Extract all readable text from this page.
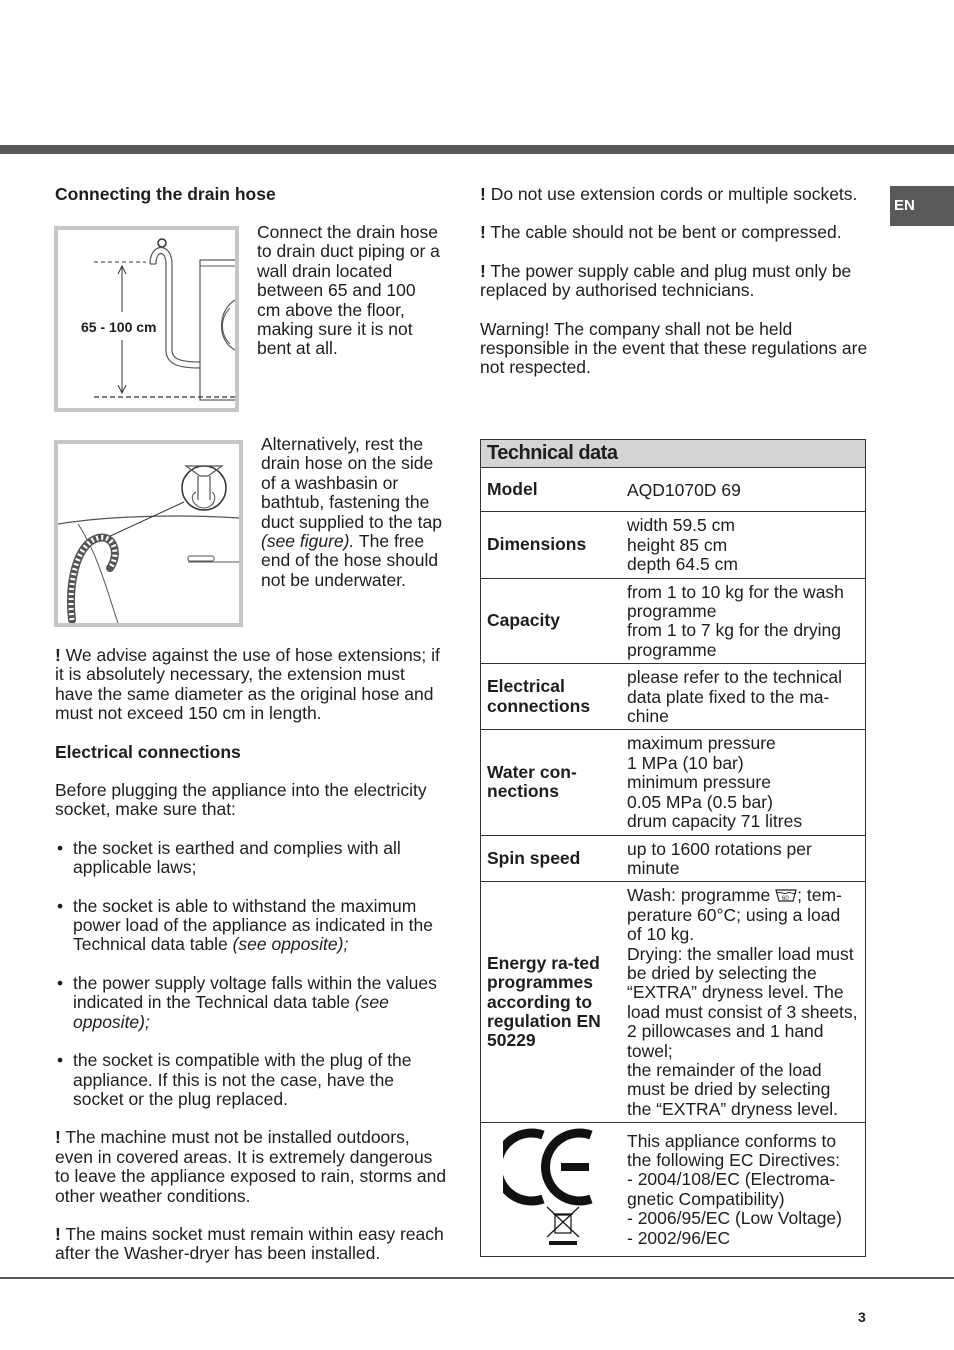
EN
Connecting the drain hose
65 - 100 cm
Connect the drain hose to drain duct piping or a wall drain located between 65 and 100 cm above the floor, making sure it is not bent at all.
Alternatively, rest the drain hose on the side of a washbasin or bathtub, fastening the duct supplied to the tap (see figure). The free end of the hose should not be underwater.

! We advise against the use of hose extensions; if it is absolutely necessary, the extension must have the same diameter as the original hose and must not exceed 150 cm in length.

Electrical connections

Before plugging the appliance into the electricity socket, make sure that:

• the socket is earthed and complies with all applicable laws;
• the socket is able to withstand the maximum power load of the appliance as indicated in the Technical data table (see opposite);
• the power supply voltage falls within the values indicated in the Technical data table (see opposite);
• the socket is compatible with the plug of the appliance. If this is not the case, have the socket or the plug replaced.

! The machine must not be installed outdoors, even in covered areas. It is extremely dangerous to leave the appliance exposed to rain, storms and other weather conditions.

! The mains socket must remain within easy reach after the Washer-dryer has been installed.

! Do not use extension cords or multiple sockets.

! The cable should not be bent or compressed.

! The power supply cable and plug must only be replaced by authorised technicians.

Warning! The company shall not be held responsible in the event that these regulations are not respected.

Technical data	
Model	AQD1070D 69
Dimensions	width 59.5 cm
height 85 cm
depth 64.5 cm

Capacity	from 1 to 10 kg for the wash programme
from 1 to 7 kg for the drying programme

Electrical connections	please refer to the technical data plate fixed to the ma-chine
Water con-nections	maximum pressure
1 MPa (10 bar)
minimum pressure
0.05 MPa (0.5 bar)
drum capacity 71 litres

Spin speed	up to 1600 rotations per minute
Energy ra-ted programmes according to regulation EN 50229	Wash: programme 60 ; tem-perature 60°C; using a load of 10 kg.
Drying: the smaller load must be dried by selecting the “EXTRA” dryness level. The load must consist of 3 sheets, 2 pillowcases and 1 hand towel;
the remainder of the load must be dried by selecting the “EXTRA” dryness level.

This appliance conforms to the following EC Directives:
- 2004/108/EC (Electroma-gnetic Compatibility)
- 2006/95/EC (Low Voltage)
- 2002/96/EC
3
